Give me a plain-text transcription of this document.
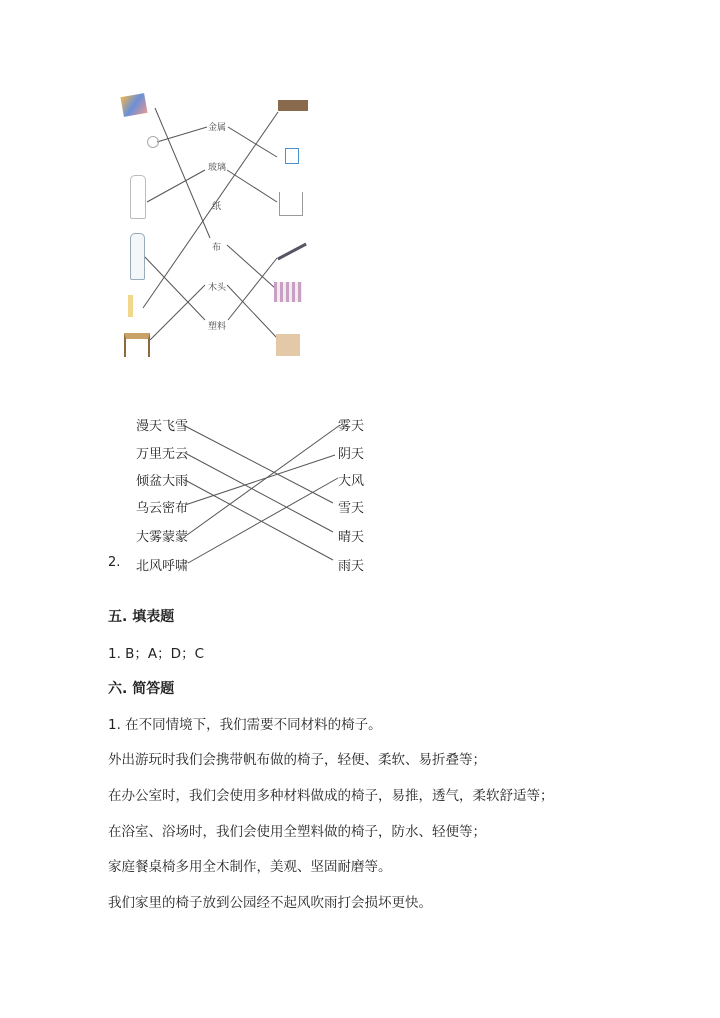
金属
玻璃
纸
布
木头
塑料
2.
漫天飞雪
万里无云
倾盆大雨
乌云密布
大雾蒙蒙
北风呼啸
雾天
阴天
大风
雪天
晴天
雨天
五. 填表题
1. B；A；D；C
六. 简答题
1. 在不同情境下，我们需要不同材料的椅子。
外出游玩时我们会携带帆布做的椅子，轻便、柔软、易折叠等；
在办公室时，我们会使用多种材料做成的椅子，易推，透气，柔软舒适等；
在浴室、浴场时，我们会使用全塑料做的椅子，防水、轻便等；
家庭餐桌椅多用全木制作，美观、坚固耐磨等。
我们家里的椅子放到公园经不起风吹雨打会损坏更快。
